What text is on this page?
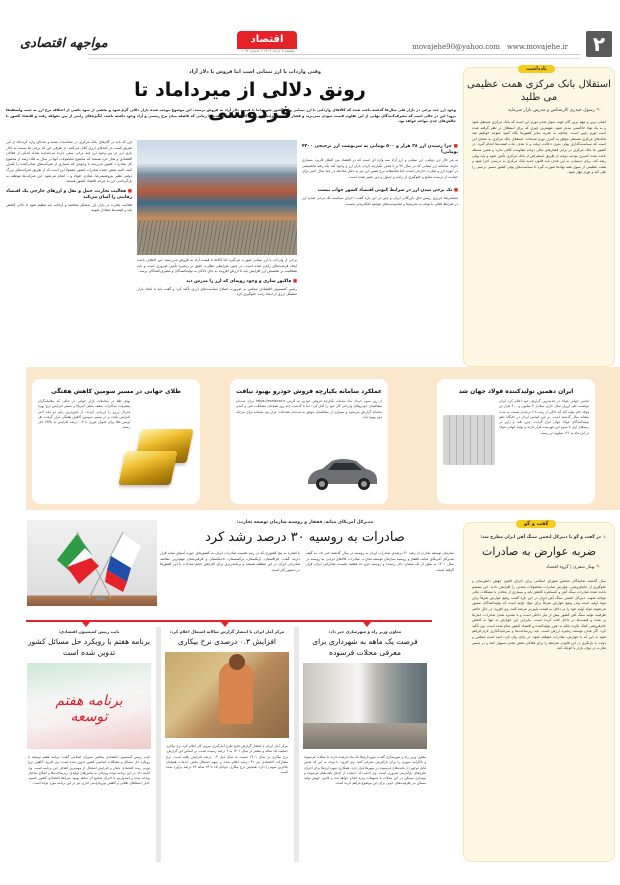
۲
www.movajehe.ir
movajehe90@yahoo.com
اقتصاد
یکشنبه ۷ خرداد ۱۴۰۲ • شماره ۱۰۹۳
مواجهه اقتصادی
وقتی واردات با ارز نیمایی است اما فروش با دلار آزاد
رونق دلالی از میرداماد تا فردوسی
وجود ارز چند نرخی در بازار طی سال‌ها گذشته باعث شده که کالاهای وارداتی با ارز نیمایی وارد کشور شوند اما با قیمت دلار آزاد به فروش برسند. این موضوع موجب شده بازار دلالی گرم شود و بخشی از سود ناشی از اختلاف نرخ ارز به جیب واسطه‌ها برود؛ این در حالی است که مصرف‌کنندگان نهایی از این تفاوت قیمت سودی نمی‌برند و فشار تورمی افزایش می‌یابد. کارشناسان معتقدند تا زمانی که فاصله میان نرخ رسمی و آزاد وجود داشته باشد، انگیزه‌های رانتی از بین نخواهد رفت و اقتصاد کشور با چالش‌های جدی مواجه خواهد بود.
■ چرا رسیدن ارز ۲۸ هزار و ۵۰۰ تومانی به سرنوشت ارز ترجیحی ۴۲۰۰ تومانی؟
به هر حال ارز دولتی، ارز نیمایی و ارز آزاد سه واژه ای است که در اقتصاد بین الملل کاربرد بسیاری دارند. سامانه ارز نیمایی که در سال ۹۷ و با هدف یکپارچه کردن بازار ارز و وجود آمد یک رشد تخصیصی در حوزه ارز و تجارت خارجی است. اما متأسفانه نرخ همین ارز نیز به دلیل مداخله در چند سال اخیر برای حمایت از درست منابع و جلوگیری از رانت و چپاول و دور تغییر شده است.
■ تک نرخی شدن ارز در شرایط کنونی اقتصاد کشور جواب نیست
محمدرضا حریری رییس اتاق بازرگانی ایران و چین در این باره گفت: اجرای سیاست تک نرخی شدن ارز در شرایط فعلی با توجه به تحریم‌ها و محدودیت‌های موجود امکان‌پذیر نیست.
برخی از واردات با ارز نیمایی صورت می‌گیرد اما کالاها با قیمت آزاد به فروش می‌رسند. این اختلاف باعث ایجاد فرصت‌های رانتی شده است. در چنین شرایطی نظارت دقیق بر زنجیره تأمین ضروری است و باید شفافیت در تخصیص ارز افزایش یابد تا ارزش افزوده به جای دلالان به تولیدکنندگان و مصرف‌کنندگان برسد.
■ فاکتور سازی و وجود رویه‌ای که ارز را مدرس دید
رئیس کمیسیون اقتصادی مجلس بر ضرورت اصلاح سیاست‌های ارزی تأکید کرد و گفت باید با ایجاد بازار متشکل ارزی از ایجاد رانت جلوگیری کرد.
این که باید در گام‌های بانک مرکزی در محاسبات شده و عده‌ای وارد کرده‌اند از این طریق کسب در آمدهای ارزی کلان می‌کنند. از طرفی این که برخی ها نسبت به دلال بازی ارز در بین وجود ارز چند نرخی سعی دارند می‌اندازند تعداد اندکی از فعالان اقتصادی و تجار خرد هستند که مجموع محصولات آنها در سال به ۵۵ درصد از مجموع کل صادرات کشور می‌رسد با وجودی که بسیاری از شرکت‌های صادرکننده را کنترل کنند. البته بخش عمده صادرات کشور معمولاً این است که از طریق شرکت‌های بزرگ دولتی نظیر پتروشیمی‌ها، معادن، فولاد و... انجام می‌شود. این شرکت‌ها موظف به بازگرداندن ارز به چرخه اقتصاد کشور هستند.
■ فعالیت تجارت، حمل و نقل و ارزهای خارجی یک اقتصاد رقابتی را آسان می‌کند
فعالیت تجارت در بازار ارز به‌شکل هدفمند و آزادانه باید تنظیم شود تا دلالی کاهش یابد و قیمت‌ها متعادل شوند.
یادداشت
استقلال بانک مرکزی همت عظیمی می طلبد
✎ رسول حیدری کارشناس و مدرس بازار سرمایه
اصلی ترین و مهم ترین گام جهت سوار شدن تورم این است که بانک مرکزی مستقل شود و به یک نهاد حاکمیتی تبدیل شود. مهمترین چیزی که برای استقلال در نظر گرفته شده است تورم پایین است. چنانچه به تجربه سایر کشورها نگاه کنیم، متوجه خواهیم شد بانک‌های مرکزی مستقل موفق به کنترل تورم شده‌اند. استقلال بانک مرکزی به معنای این است که سیاست‌گذاری پولی بدون دخالت دولت و با هدف ثبات قیمت‌ها انجام گیرد. در کشور ما بانک مرکزی در برابر فشارهای مالی دولت مقاومت کافی ندارد و همین مسئله باعث شده کسری بودجه دولت از طریق استقراض از بانک مرکزی تأمین شود و پایه پولی رشد کند. برای دستیابی به این هدف باید قانون جدید بانک مرکزی به درستی اجرا شود و همت عظیمی از سوی همه نهادها صورت گیرد تا سیاست‌های پولی کشور مسیر درستی را طی کند و تورم مهار شود.
ایران دهمین تولیدکننده فولاد جهان شد
انجمن جهانی فولاد در جدیدترین گزارش خود اعلام کرد ایران توانست طی آوریل سال جاری میلادی ۳ میلیون و ۶۰۰ هزار تن فولاد خام تولید کند که حاکی از رشد ۲.۸ درصدی نسبت به مدت مشابه سال گذشته است. بر این اساس ایران در جایگاه دهم تولیدکنندگان فولاد جهان قرار گرفت. چین، هند و ژاپن در رتبه‌های اول تا سوم این فهرست قرار دارند و تولید جهانی فولاد در این ماه به ۱۶۱ میلیون تن رسید.
عملکرد سامانه یکپارچه فروش خودرو بهبود نیافت
از روز سوم خرداد ماه سامانه یکپارچه فروش خودرو به آدرس https://esalecar.ir برای ثبت‌نام متقاضیان خودروهای وارداتی کار خود را آغاز کرد؛ اما با گذشت چند روز همچنان مشکلات فنی و کندی سامانه گزارش می‌شود و بسیاری از متقاضیان موفق به ثبت‌نام نشده‌اند. قرار بود سامانه برای مرحله دوم بهبود یابد.
طلای جهانی در مسیر سومین کاهش هفتگی
بهای طلا در معاملات بازار جهانی در حالی که معامله‌گران پیشرفت مذاکرات سقف بدهی آمریکا و مسیر افزایش نرخ بهره فدرال رزرو را ارزیابی کردند، از پایین‌ترین رقم دو ماه اخیر افزایش یافت و در مسیر سومین کاهش هفتگی قرار گرفت. هر اونس طلا برای تحویل فوری با ۰.۳ درصد افزایش به ۱۹۴۸ دلار رسید.
مدیرکل آمریکای میانه، قفقاز و روسیه سازمان توسعه تجارت:
صادرات به روسیه ۳۰ درصد رشد کرد
سازمان توسعه تجارت از رشد ۳۰ درصدی صادرات ایران به روسیه در سال گذشته خبر داد. به گفته مدیرکل آمریکای میانه، قفقاز و روسیه سازمان توسعه تجارت، صادرات کالاهای ایرانی به روسیه در سال ۱۴۰۱ به بیش از یک میلیارد دلار رسیده و روسیه جزو ده مقصد نخست صادراتی ایران قرار گرفته است.
با اشاره به پنج کشوری که در رتبه نخست صادرات ایران به کشورهای حوزه آسیای میانه قرار دارند، گفت: قزاقستان، ازبکستان، ترکمنستان، تاجیکستان و قرقیزستان مهم‌ترین مقاصد صادراتی ایران در این منطقه هستند و برنامه‌ریزی برای افزایش حجم مبادلات با این کشورها در دستور کار است.
گفت و گو
➘ در گفت و گو با دبیرکل انجمن سنگ آهن ایران مطرح شد:
ضربه عوارض به صادرات
✎ بهناز صفری | گروه اقتصاد
سال گذشته نمایندگان مجلس شورای اسلامی برای اجرای قانون جهش دانش‌بنیان و جلوگیری از خام‌فروشی، عوارض صادرات محصولات معدنی را افزایش دادند. این تصمیم باعث شده صادرات سنگ آهن و کنسانتره کاهش یابد و بسیاری از معادن با مشکلات مالی مواجه شوند. دبیرکل انجمن سنگ آهن ایران در این باره گفت: وضع عوارض صرفاً برای مواد اولیه است ولی وضع عوارض صرفاً برای مواد اولیه است که تولیدکنندگان مجبور می‌شوند مواد اولیه خود را در داخل به قیمت پایین‌تر عرضه کنند. وی افزود: در حال حاضر ظرفیت تولید سنگ آهن کشور بیش از نیاز داخلی است و با محدود شدن صادرات، انبارها پر شده و قیمت‌ها در داخل افت کرده است. بنابراین این عوارض نه تنها به کاهش خام‌فروشی کمک نکرده بلکه به ضرر تولیدکننده و اقتصاد کشور تمام شده است. وی تأکید کرد: اگر هدف توسعه زنجیره ارزش است، باید زیرساخت‌ها و سرمایه‌گذاری لازم فراهم شود نه این که با عوارض، صادرات متوقف شود. در پایان بیان کرد: امید است مجلس و دولت با بازنگری در این قانون، شرایط را برای فعالان بخش معدن تسهیل کنند و در مسیر تجارت در توان بازار با کوچک کند.
معاون وزیر راه و شهرسازی خبر داد:
فرصت یک ماهه به شهرداری برای معرفی محلات فرسوده
معاون وزیر راه و شهرسازی گفت: شهرداری‌ها یک ماه فرصت دارند تا محلات فرسوده و ناکارآمد شهری را برای بازآفرینی معرفی کنند. وی افزود: با توجه به این که بخش قابل توجهی از بافت‌های فرسوده در شهرها قرار دارد، همکاری شهرداری‌ها برای اجرای طرح‌های بازآفرینی ضروری است. وی ادامه داد: حمایت از احیای بافت‌های فرسوده و نوسازی مسکن در این محلات با تسهیلات ویژه انجام خواهد شد و قانون جهش تولید مسکن نیز ظرفیت‌های خوبی برای این موضوع فراهم کرده است.
مرکز آمار ایران با انتشار گزارش سالانه اشتغال اعلام کرد:
افزایش ۰.۳ درصدی نرخ بیکاری
مرکز آمار ایران با انتشار گزارش نتایج طرح آمارگیری نیروی کار اعلام کرد نرخ بیکاری جمعیت ۱۵ ساله و بیشتر در سال ۱۴۰۱ به ۹ درصد رسیده است. بر اساس این گزارش، نرخ بیکاری در سال ۱۴۰۱ نسبت به سال قبل ۰.۳ درصد افزایش یافته است. نرخ مشارکت اقتصادی نیز ۴۱ درصد اعلام شده و سهم اشتغال بخش خدمات همچنان بالاترین سهم را دارد. همچنین نرخ بیکاری جوانان ۱۵ تا ۲۴ ساله ۲۳ درصد برآورد شده است.
نایب رییس کمیسیون اقتصادی:
برنامه هفتم با رویکرد حل مسائل کشور تدوین شده است
برنامه هفتم توسعه
نایب رییس کمیسیون اقتصادی مجلس شورای اسلامی گفت: برنامه هفتم توسعه با رویکرد حل مسائل و مشکلات اساسی کشور تدوین شده است. وی افزود: کاهش نرخ تورم، رشد اقتصادی پایدار و افزایش اشتغال از مهم‌ترین اهداف این برنامه است. وی ادامه داد: در این برنامه توجه ویژه‌ای به بخش‌های تولیدی، زیرساخت‌ها و اصلاح ساختار بودجه شده و امیدواریم با اجرای صحیح آن شاهد بهبود شرایط اقتصادی کشور باشیم. حذف امضاهای طلایی و کاهش بوروکراسی اداری نیز در این برنامه مورد توجه است.
